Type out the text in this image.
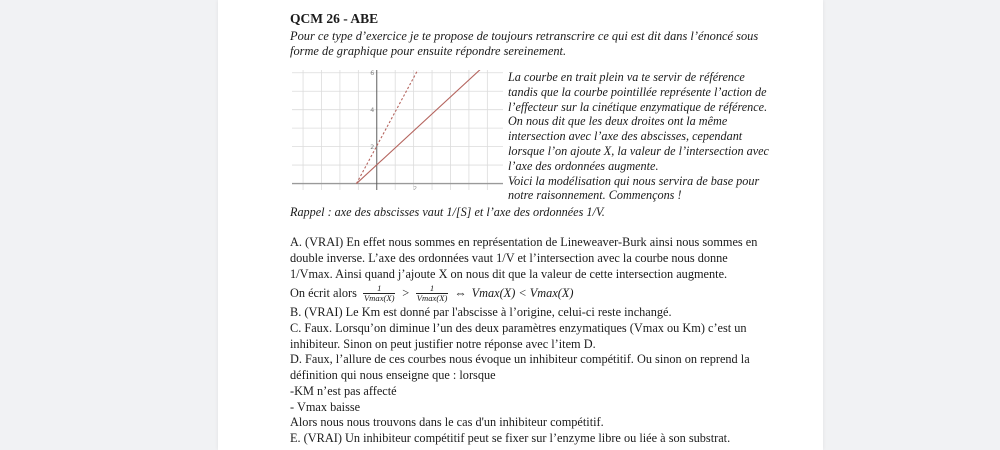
QCM 26 - ABE

Pour ce type d’exercice je te propose de toujours retranscrire ce qui est dit dans l’énoncé sous forme de graphique pour ensuite répondre sereinement.

2
4
6
2

La courbe en trait plein va te servir de référence tandis que la courbe pointillée représente l’action de l’effecteur sur la cinétique enzymatique de référence. On nous dit que les deux droites ont la même intersection avec l’axe des abscisses, cependant lorsque l’on ajoute X, la valeur de l’intersection avec l’axe des ordonnées augmente.

Voici la modélisation qui nous servira de base pour notre raisonnement. Commençons !

Rappel : axe des abscisses vaut 1/[S] et l’axe des ordonnées 1/V.

A. (VRAI) En effet nous sommes en représentation de Lineweaver-Burk ainsi nous sommes en double inverse. L’axe des ordonnées vaut 1/V et l’intersection avec la courbe nous donne 1/Vmax. Ainsi quand j’ajoute X on nous dit que la valeur de cette intersection augmente.

On écrit alors $\frac{1}{Vmax(X)} > \frac{1}{Vmax(X)}$ ⇔ Vmax(X) < Vmax(X)

B. (VRAI) Le Km est donné par l'abscisse à l’origine, celui-ci reste inchangé.

C. Faux. Lorsqu’on diminue l’un des deux paramètres enzymatiques (Vmax ou Km) c’est un inhibiteur. Sinon on peut justifier notre réponse avec l’item D.

D. Faux, l’allure de ces courbes nous évoque un inhibiteur compétitif. Ou sinon on reprend la définition qui nous enseigne que : lorsque

-KM n’est pas affecté

- Vmax baisse

Alors nous nous trouvons dans le cas d'un inhibiteur compétitif.

E. (VRAI) Un inhibiteur compétitif peut se fixer sur l’enzyme libre ou liée à son substrat.
